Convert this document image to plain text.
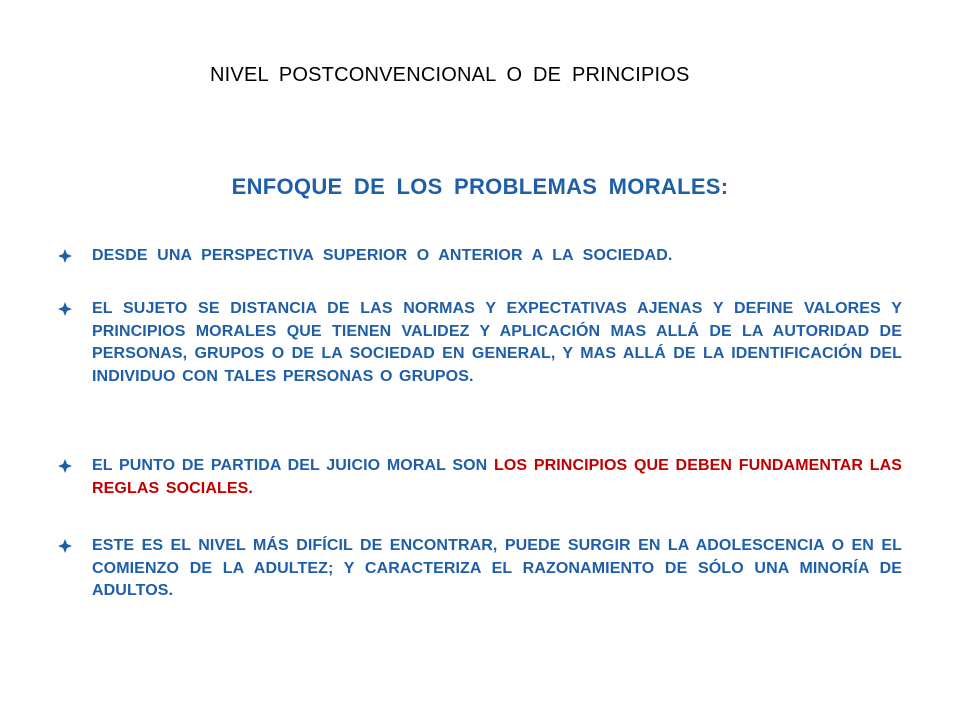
NIVEL POSTCONVENCIONAL O DE PRINCIPIOS
ENFOQUE DE LOS PROBLEMAS MORALES:
DESDE UNA PERSPECTIVA SUPERIOR O ANTERIOR A LA SOCIEDAD.
EL SUJETO SE DISTANCIA DE LAS NORMAS Y EXPECTATIVAS AJENAS Y DEFINE VALORES Y PRINCIPIOS MORALES QUE TIENEN VALIDEZ Y APLICACIÓN MAS ALLÁ DE LA AUTORIDAD DE PERSONAS, GRUPOS O DE LA SOCIEDAD EN GENERAL, Y MAS ALLÁ DE LA IDENTIFICACIÓN DEL INDIVIDUO CON TALES PERSONAS O GRUPOS.
EL PUNTO DE PARTIDA DEL JUICIO MORAL SON LOS PRINCIPIOS QUE DEBEN FUNDAMENTAR LAS REGLAS SOCIALES.
ESTE ES EL NIVEL MÁS DIFÍCIL DE ENCONTRAR, PUEDE SURGIR EN LA ADOLESCENCIA O EN EL COMIENZO DE LA ADULTEZ; Y CARACTERIZA EL RAZONAMIENTO DE SÓLO UNA MINORÍA DE ADULTOS.
